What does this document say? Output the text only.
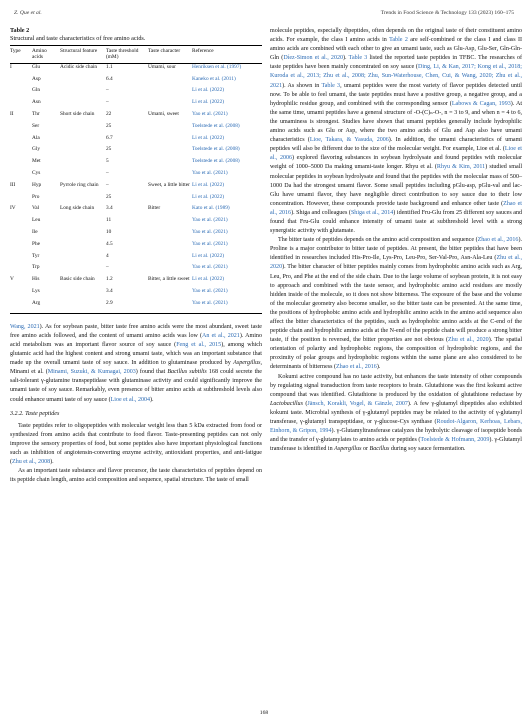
Z. Que et al.	Trends in Food Science & Technology 133 (2023) 160–175
Table 2
Structural and taste characteristics of free amino acids.
Type	Amino acids	Structural feature	Taste threshold (mM)	Taste character	Reference
I	Glu	Acidic side chain	1.1	Umami, sour	Henriksen et al. (1997)
	Asp		6.4		Kaneko et al. (2011)
	Gln		–		Li et al. (2022)
	Asn		–		Li et al. (2022)
II	Thr	Short side chain	22	Umami, sweet	Yao et al. (2021)
	Ser		25		Toelstede et al. (2008)
	Ala		6.7		Li et al. (2022)
	Gly		25		Toelstede et al. (2008)
	Met		5		Toelstede et al. (2008)
	Cys		–		Yao et al. (2021)
III	Hyp	Pyrrole ring chain	–	Sweet, a little bitter	Li et al. (2022)
	Pro		25		Li et al. (2022)
IV	Val	Long side chain	3.4	Bitter	Kato et al. (1989)
	Leu		11		Yao et al. (2021)
	Ile		10		Yao et al. (2021)
	Phe		4.5		Yao et al. (2021)
	Tyr		4		Li et al. (2022)
	Trp		–		Yao et al. (2021)
V	His	Basic side chain	1.2	Bitter, a little sweet	Li et al. (2022)
	Lys		3.4		Yao et al. (2021)
	Arg		2.9		Yao et al. (2021)

Wang, 2021). As for soybean paste, bitter taste free amino acids were the most abundant, sweet taste free amino acids followed, and the content of umami amino acids was low (An et al., 2021). Amino acid metabolism was an important flavor source of soy sauce (Feng et al., 2015), among which glutamic acid had the highest content and strong umami taste, which was an important substance that made up the overall umami taste of soy sauce. In addition to glutaminase produced by Aspergillus, Minami et al. (Minami, Suzuki, & Kumagai, 2003) found that Bacillus subtilis 168 could secrete the salt-tolerant γ-glutamine transpeptidase with glutaminase activity and could significantly improve the umami taste of soy sauce. Remarkably, even presence of bitter amino acids at subthreshold levels also could enhance umami taste of soy sauce (Lioe et al., 2004).

3.2.2. Taste peptides

Taste peptides refer to oligopeptides with molecular weight less than 5 kDa extracted from food or synthesized from amino acids that contribute to food flavor. Taste-presenting peptides can not only improve the sensory properties of food, but some peptides also have important physiological functions such as inhibition of angiotensin-converting enzyme activity, antioxidant properties, and anti-fatigue (Zhu et al., 2008).

As an important taste substance and flavor precursor, the taste characteristics of peptides depend on its peptide chain length, amino acid composition and sequence, spatial structure. The taste of small

molecule peptides, especially dipeptides, often depends on the original taste of their constituent amino acids. For example, the class I amino acids in Table 2 are self-combined or the class I and class II amino acids are combined with each other to give an umami taste, such as Glu-Asp, Glu-Ser, Gln-Gln-Gln (Díez-Simon et al., 2020). Table 3 listed the reported taste peptides in TFBC. The researches of taste peptides have been mainly concentrated on soy sauce (Ding, Li, & Kan, 2017; Kong et al., 2018; Kuroda et al., 2013; Zhu et al., 2008; Zhu, Sun-Waterhouse, Chen, Cui, & Wang, 2020; Zhu et al., 2021). As shown in Table 3, umami peptides were the most variety of flavor peptides detected until now. To be able to feel umami, the taste peptides must have a positive group, a negative group, and a hydrophilic residue group, and combined with the corresponding sensor (Labows & Cagan, 1993). At the same time, umami peptides have a general structure of -O-(C)ₙ-O-, n = 3 to 9, and when n = 4 to 6, the umaminess is strongest. Studies have shown that umami peptides generally include hydrophilic amino acids such as Glu or Asp, where the two amino acids of Glu and Asp also have umami characteristics (Lioe, Takara, & Yasuda, 2006). In addition, the umami characteristics of umami peptides will also be different due to the size of the molecular weight. For example, Lioe et al. (Lioe et al., 2006) explored flavoring substances in soybean hydrolysate and found peptides with molecular weight of 1000–5000 Da making umami-taste longer. Rhyu et al. (Rhyu & Kim, 2011) studied small molecular peptides in soybean hydrolysate and found that the peptides with the molecular mass of 500–1000 Da had the strongest umami flavor. Some small peptides including pGlu-asp, pGlu-val and lac-Glu have umami flavor, they have negligible direct contribution to soy sauce due to their low concentration. However, these compounds provide taste background and enhance other taste (Zhao et al., 2016). Shiga and colleagues (Shiga et al., 2014) identified Fru-Glu from 25 different soy sauces and found that Fru-Glu could enhance intensity of umami taste at subthreshold level with a strong synergistic activity with glutamate.

The bitter taste of peptides depends on the amino acid composition and sequence (Zhao et al., 2016). Proline is a major contributor to bitter taste of peptides. At present, the bitter peptides that have been identified in researches included His-Pro-Ile, Lys-Pro, Leu-Pro, Ser-Val-Pro, Asn-Ala-Leu (Zhu et al., 2020). The bitter character of bitter peptides mainly comes from hydrophobic amino acids such as Arg, Leu, Pro, and Phe at the end of the side chain. Due to the large volume of soybean protein, it is not easy to approach and combined with the taste sensor, and hydrophobic amino acid residues are mostly hidden inside of the molecule, so it does not show bitterness. The exposure of the base and the volume of the molecular geometry also become smaller, so the bitter taste can be presented. At the same time, the positions of hydrophobic amino acids and hydrophilic amino acids in the amino acid sequence also affect the bitter characteristics of the peptides, such as hydrophobic amino acids at the C-end of the peptide chain and hydrophilic amino acids at the N-end of the peptide chain will produce a strong bitter taste, if the position is reversed, the bitter properties are not obvious (Zhu et al., 2020). The spatial orientation of polarity and hydrophobic regions, the composition of hydrophobic regions, and the proximity of polar groups and hydrophobic regions within the same plane are also considered to be determinants of bitterness (Zhao et al., 2016).

Kokumi active compound has no taste activity, but enhances the taste intensity of other compounds by regulating signal transduction from taste receptors to brain. Glutathione was the first kokumi active compound that was identified. Glutathione is produced by the oxidation of glutathione reductase by Lactobacillus (Jänsch, Korakli, Vogel, & Gänzle, 2007). A few γ-glutamyl dipeptides also exhibited kokumi taste. Microbial synthesis of γ-glutamyl peptides may be related to the activity of γ-glutamyl transferase, γ-glutamyl transpeptidase, or γ-glucose-Cys synthase (Roudot-Algaron, Kerhoas, Lebars, Einhorn, & Gripon, 1994). γ-Glutamyltransferase catalyzes the hydrolytic cleavage of isopeptide bonds and the transfer of γ-glutamylates to amino acids or peptides (Toelstede & Hofmann, 2009). γ-Glutamyl transferase is identified in Aspergillus or Bacillus during soy sauce fermentation.

168
